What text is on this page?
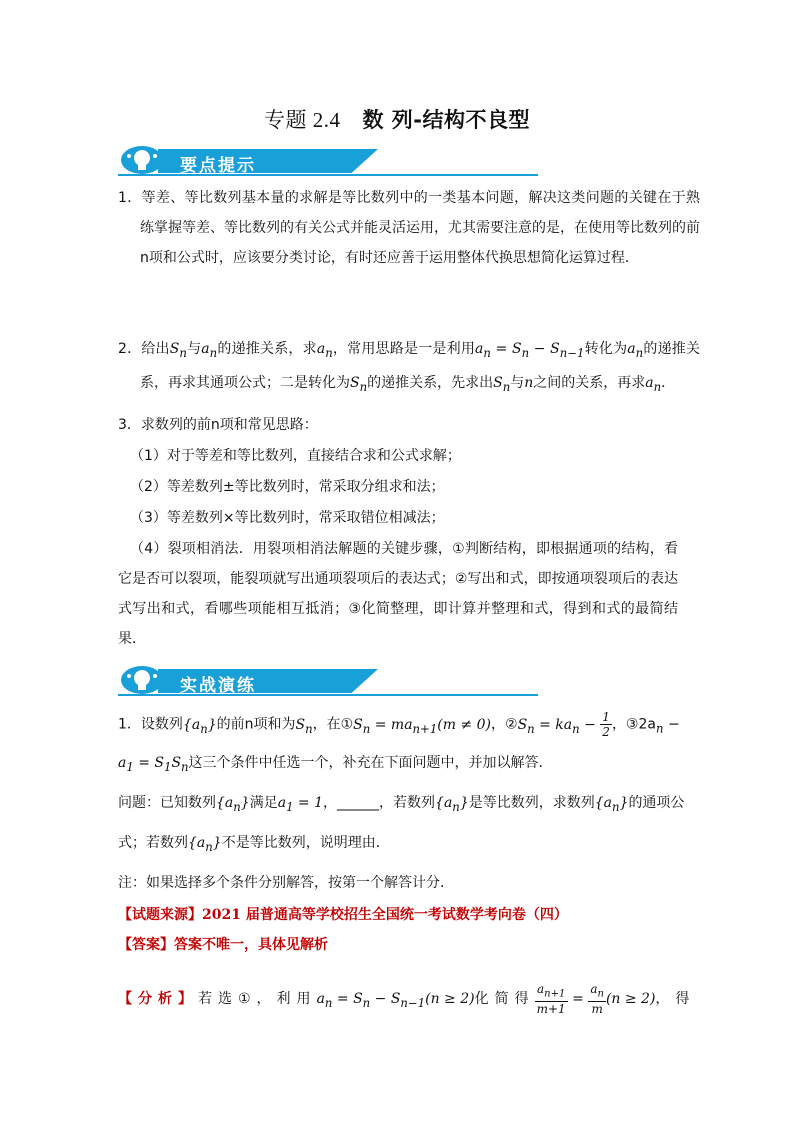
专题 2.4 数 列-结构不良型
要点提示
1．等差、等比数列基本量的求解是等比数列中的一类基本问题，解决这类问题的关键在于熟练掌握等差、等比数列的有关公式并能灵活运用，尤其需要注意的是，在使用等比数列的前n项和公式时，应该要分类讨论，有时还应善于运用整体代换思想简化运算过程．
2．给出$S_n$与$a_n$的递推关系，求$a_n$，常用思路是一是利用$a_n = S_n - S_{n-1}$转化为$a_n$的递推关系，再求其通项公式；二是转化为$S_n$的递推关系，先求出$S_n$与n之间的关系，再求$a_n$．
3．求数列的前n项和常见思路：
（1）对于等差和等比数列，直接结合求和公式求解；
（2）等差数列±等比数列时，常采取分组求和法；
（3）等差数列×等比数列时，常采取错位相减法；
（4）裂项相消法．用裂项相消法解题的关键步骤，①判断结构，即根据通项的结构，看它是否可以裂项，能裂项就写出通项裂项后的表达式；②写出和式，即按通项裂项后的表达式写出和式，看哪些项能相互抵消；③化简整理，即计算并整理和式，得到和式的最简结果．
实战演练
1．设数列$\{a_n\}$的前n项和为$S_n$，在$①S_n = ma_{n+1}(m \ne 0)$，$②S_n = ka_n - \frac{1}{2}$ ，$③2a_n$ −
$a_1 = S_1S_n$这三个条件中任选一个，补充在下面问题中，并加以解答．
问题：已知数列$\{a_n\}$满足$a_1 = 1$，______，若数列$\{a_n\}$是等比数列，求数列$\{a_n\}$的通项公
式；若数列$\{a_n\}$不是等比数列，说明理由．
注：如果选择多个条件分别解答，按第一个解答计分．
【试题来源】2021 届普通高等学校招生全国统一考试数学考向卷（四）
【答案】答案不唯一，具体见解析
【分析】若选①，利用$a_n = S_n - S_{n-1}(n \ge 2)$化简得 $\frac{a_{n+1}}{m+1} = \frac{a_n}{m} (n \ge 2)$，得
